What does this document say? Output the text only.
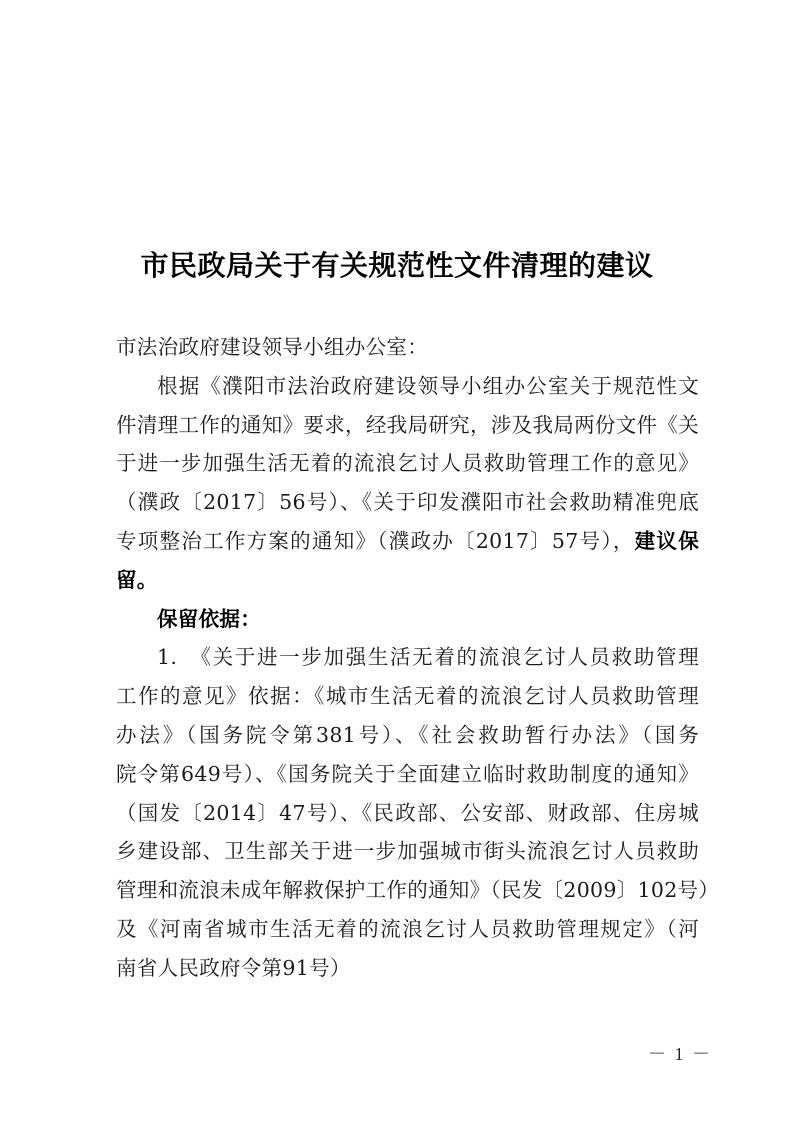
市民政局关于有关规范性文件清理的建议
市法治政府建设领导小组办公室：
根据《濮阳市法治政府建设领导小组办公室关于规范性文
件清理工作的通知》要求，经我局研究，涉及我局两份文件《关
于进一步加强生活无着的流浪乞讨人员救助管理工作的意见》
（濮政〔2017〕56号）、《关于印发濮阳市社会救助精准兜底
专项整治工作方案的通知》（濮政办〔2017〕57号），建议保
留。
保留依据：
1.　《关于进一步加强生活无着的流浪乞讨人员救助管理
工作的意见》依据：《城市生活无着的流浪乞讨人员救助管理
办法》（国务院令第381号）、《社会救助暂行办法》（国务
院令第649号）、《国务院关于全面建立临时救助制度的通知》
（国发〔2014〕47号）、《民政部、公安部、财政部、住房城
乡建设部、卫生部关于进一步加强城市街头流浪乞讨人员救助
管理和流浪未成年解救保护工作的通知》（民发〔2009〕102号）
及《河南省城市生活无着的流浪乞讨人员救助管理规定》（河
南省人民政府令第91号）
－ 1 －
